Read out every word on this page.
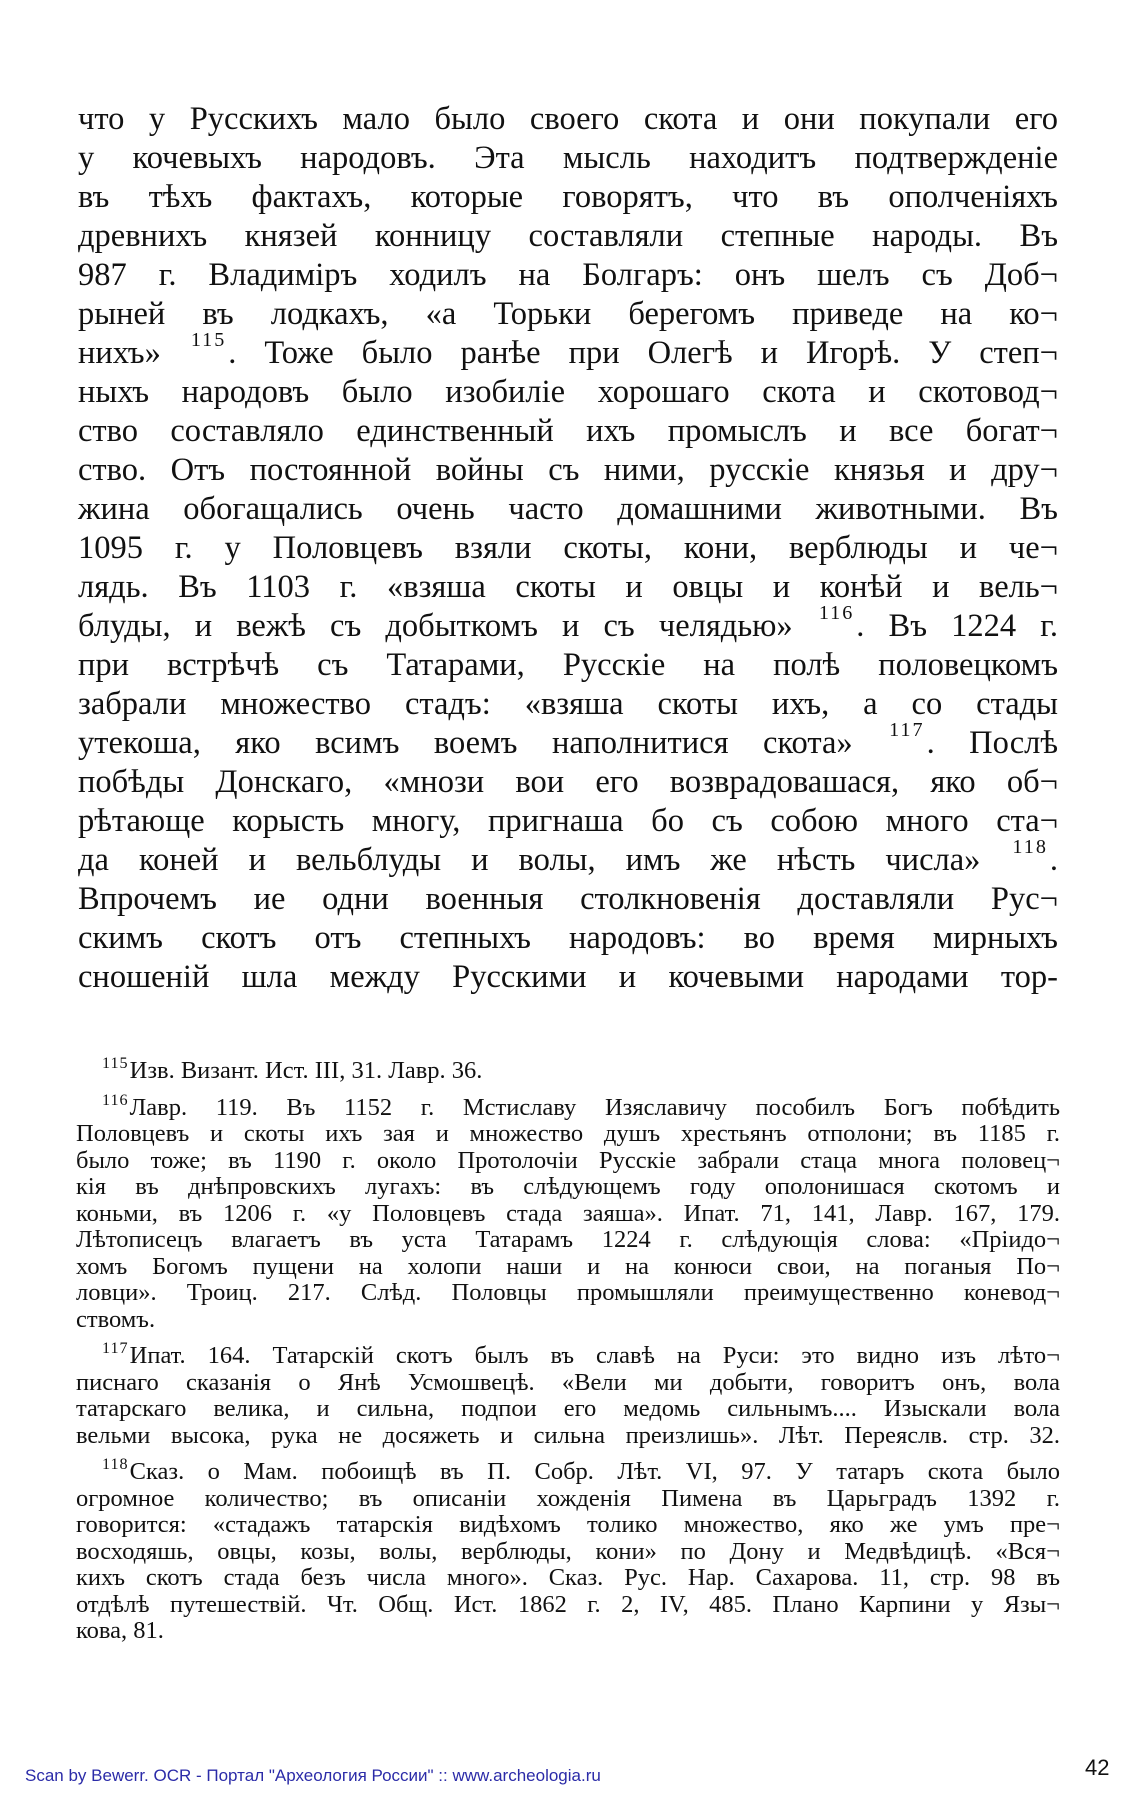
что у Русскихъ мало было своего скота и они покупали его
у кочевыхъ народовъ. Эта мысль находитъ подтвержденіе
въ тѣхъ фактахъ, которые говорятъ, что въ ополченіяхъ
древнихъ князей конницу составляли степные народы. Въ
987 г. Владиміръ ходилъ на Болгаръ: онъ шелъ съ Доб¬
рыней въ лодкахъ, «а Торьки берегомъ приведе на ко¬
нихъ» $^{115}$. Тоже было ранѣе при Олегѣ и Игорѣ. У степ¬
ныхъ народовъ было изобиліе хорошаго скота и скотовод¬
ство составляло единственный ихъ промыслъ и все богат¬
ство. Отъ постоянной войны съ ними, русскіе князья и дру¬
жина обогащались очень часто домашними животными. Въ
1095 г. у Половцевъ взяли скоты, кони, верблюды и че¬
лядь. Въ 1103 г. «взяша скоты и овцы и конѣй и вель¬
блуды, и вежѣ съ добыткомъ и съ челядью» $^{116}$. Въ 1224 г.
при встрѣчѣ съ Татарами, Русскіе на полѣ половецкомъ
забрали множество стадъ: «взяша скоты ихъ, а со стады
утекоша, яко всимъ воемъ наполнитися скота» $^{117}$. Послѣ
побѣды Донскаго, «мнози вои его возврадовашася, яко об¬
рѣтающе корысть многу, пригнаша бо съ собою много ста¬
да коней и вельблуды и волы, имъ же нѣсть числа» $^{118}$.
Впрочемъ ие одни военныя столкновенія доставляли Рус¬
скимъ скотъ отъ степныхъ народовъ: во время мирныхъ
сношеній шла между Русскими и кочевыми народами тор-
$^{115}$Изв. Визант. Ист. ІІІ, 31. Лавр. 36.
$^{116}$Лавр. 119. Въ 1152 г. Мстиславу Изяславичу пособилъ Богъ побѣдить
Половцевъ и скоты ихъ зая и множество душъ хрестьянъ отполони; въ 1185 г.
было тоже; въ 1190 г. около Протолочіи Русскіе забрали стаца многа половец¬
кія въ днѣпровскихъ лугахъ: въ слѣдующемъ году ополонишася скотомъ и
коньми, въ 1206 г. «у Половцевъ стада заяша». Ипат. 71, 141, Лавр. 167, 179.
Лѣтописецъ влагаетъ въ уста Татарамъ 1224 г. слѣдующія слова: «Пріидо¬
хомъ Богомъ пущени на холопи наши и на конюси свои, на поганыя По¬
ловци». Троиц. 217. Слѣд. Половцы промышляли преимущественно коневод¬
ствомъ.
$^{117}$Ипат. 164. Татарскій скотъ былъ въ славѣ на Руси: это видно изъ лѣто¬
писнаго сказанія о Янѣ Усмошвецѣ. «Вели ми добыти, говоритъ онъ, вола
татарскаго велика, и сильна, подпои его медомь сильнымъ.... Изыскали вола
вельми высока, рука не досяжеть и сильна преизлишь». Лѣт. Переяслв. стр. 32.
$^{118}$Сказ. о Мам. побоищѣ въ П. Собр. Лѣт. VI, 97. У татаръ скота было
огромное количество; въ описаніи хожденія Пимена въ Царьградъ 1392 г.
говорится: «стадажъ татарскія видѣхомъ толико множество, яко же умъ пре¬
восходяшь, овцы, козы, волы, верблюды, кони» по Дону и Медвѣдицѣ. «Вся¬
кихъ скотъ стада безъ числа много». Сказ. Рус. Нар. Сахарова. 11, стр. 98 въ
отдѣлѣ путешествій. Чт. Общ. Ист. 1862 г. 2, IV, 485. Плано Карпини у Язы¬
кова, 81.
Scan by Bewerr. OCR - Портал "Археология России" :: www.archeologia.ru	42
